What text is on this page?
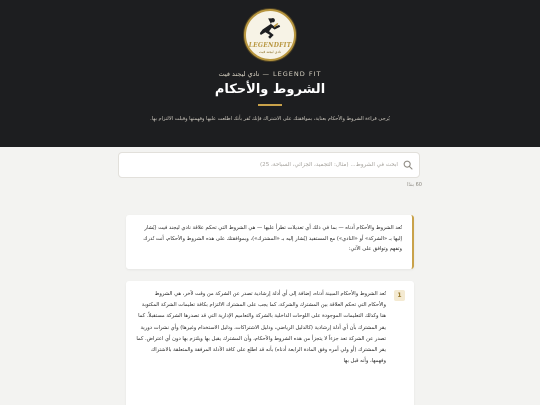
LEGENDFIT
نادي ليجند فيت
LEGEND FIT — نادي ليجند فيت
الشروط والأحكام

يُرجى قراءة الشروط والأحكام بعناية، بموافقتك على الاشتراك فإنك تُقر بأنك اطلعت عليها وفهمتها وقبلت الالتزام بها.

ابحث في الشروط... (مثال: التجميد، الجزائي، السباحة، 25)
60 بندًا

تُعد الشروط والأحكام أدناه — بما في ذلك أي تعديلات تطرأ عليها — هي الشروط التي تحكم علاقة نادي ليجند فيت (يُشار إليها بـ «الشركة» أو «النادي») مع المستفيد (يُشار إليه بـ «المشترك»)، وبموافقتك على هذه الشروط والأحكام، أنت تُدرك وتفهم وتوافق على الآتي:

1

تُعد الشروط والأحكام المبينة أدناه، إضافة إلى أي أدلة إرشادية تصدر عن الشركة من وقت لآخر، هي الشروط والأحكام التي تحكم العلاقة بين المشترك والشركة، كما يجب على المشترك الالتزام بكافة تعليمات الشركة المكتوبة هنا وكذلك التعليمات الموجودة على اللوحات الداخلية بالشركة والتعاميم الإدارية التي قد تصدرها الشركة مستقبلاً. كما يقر المشترك بأن أي أدلة إرشادية (كالدليل الرياضي، ودليل الاشتراكات، ودليل الاستخدام وغيرها) وأي نشرات دورية تصدر عن الشركة تعد جزءاً لا يتجزأ من هذه الشروط والأحكام، وأن المشترك يقبل بها ويلتزم بها دون أي اعتراض. كما يقر المشترك (أو ولي أمره وفق المادة الرابعة أدناه) بأنه قد اطلع على كافة الأدلة المرفقة والمتعلقة بالاشتراك وفهمها، وأنه قبل بها
